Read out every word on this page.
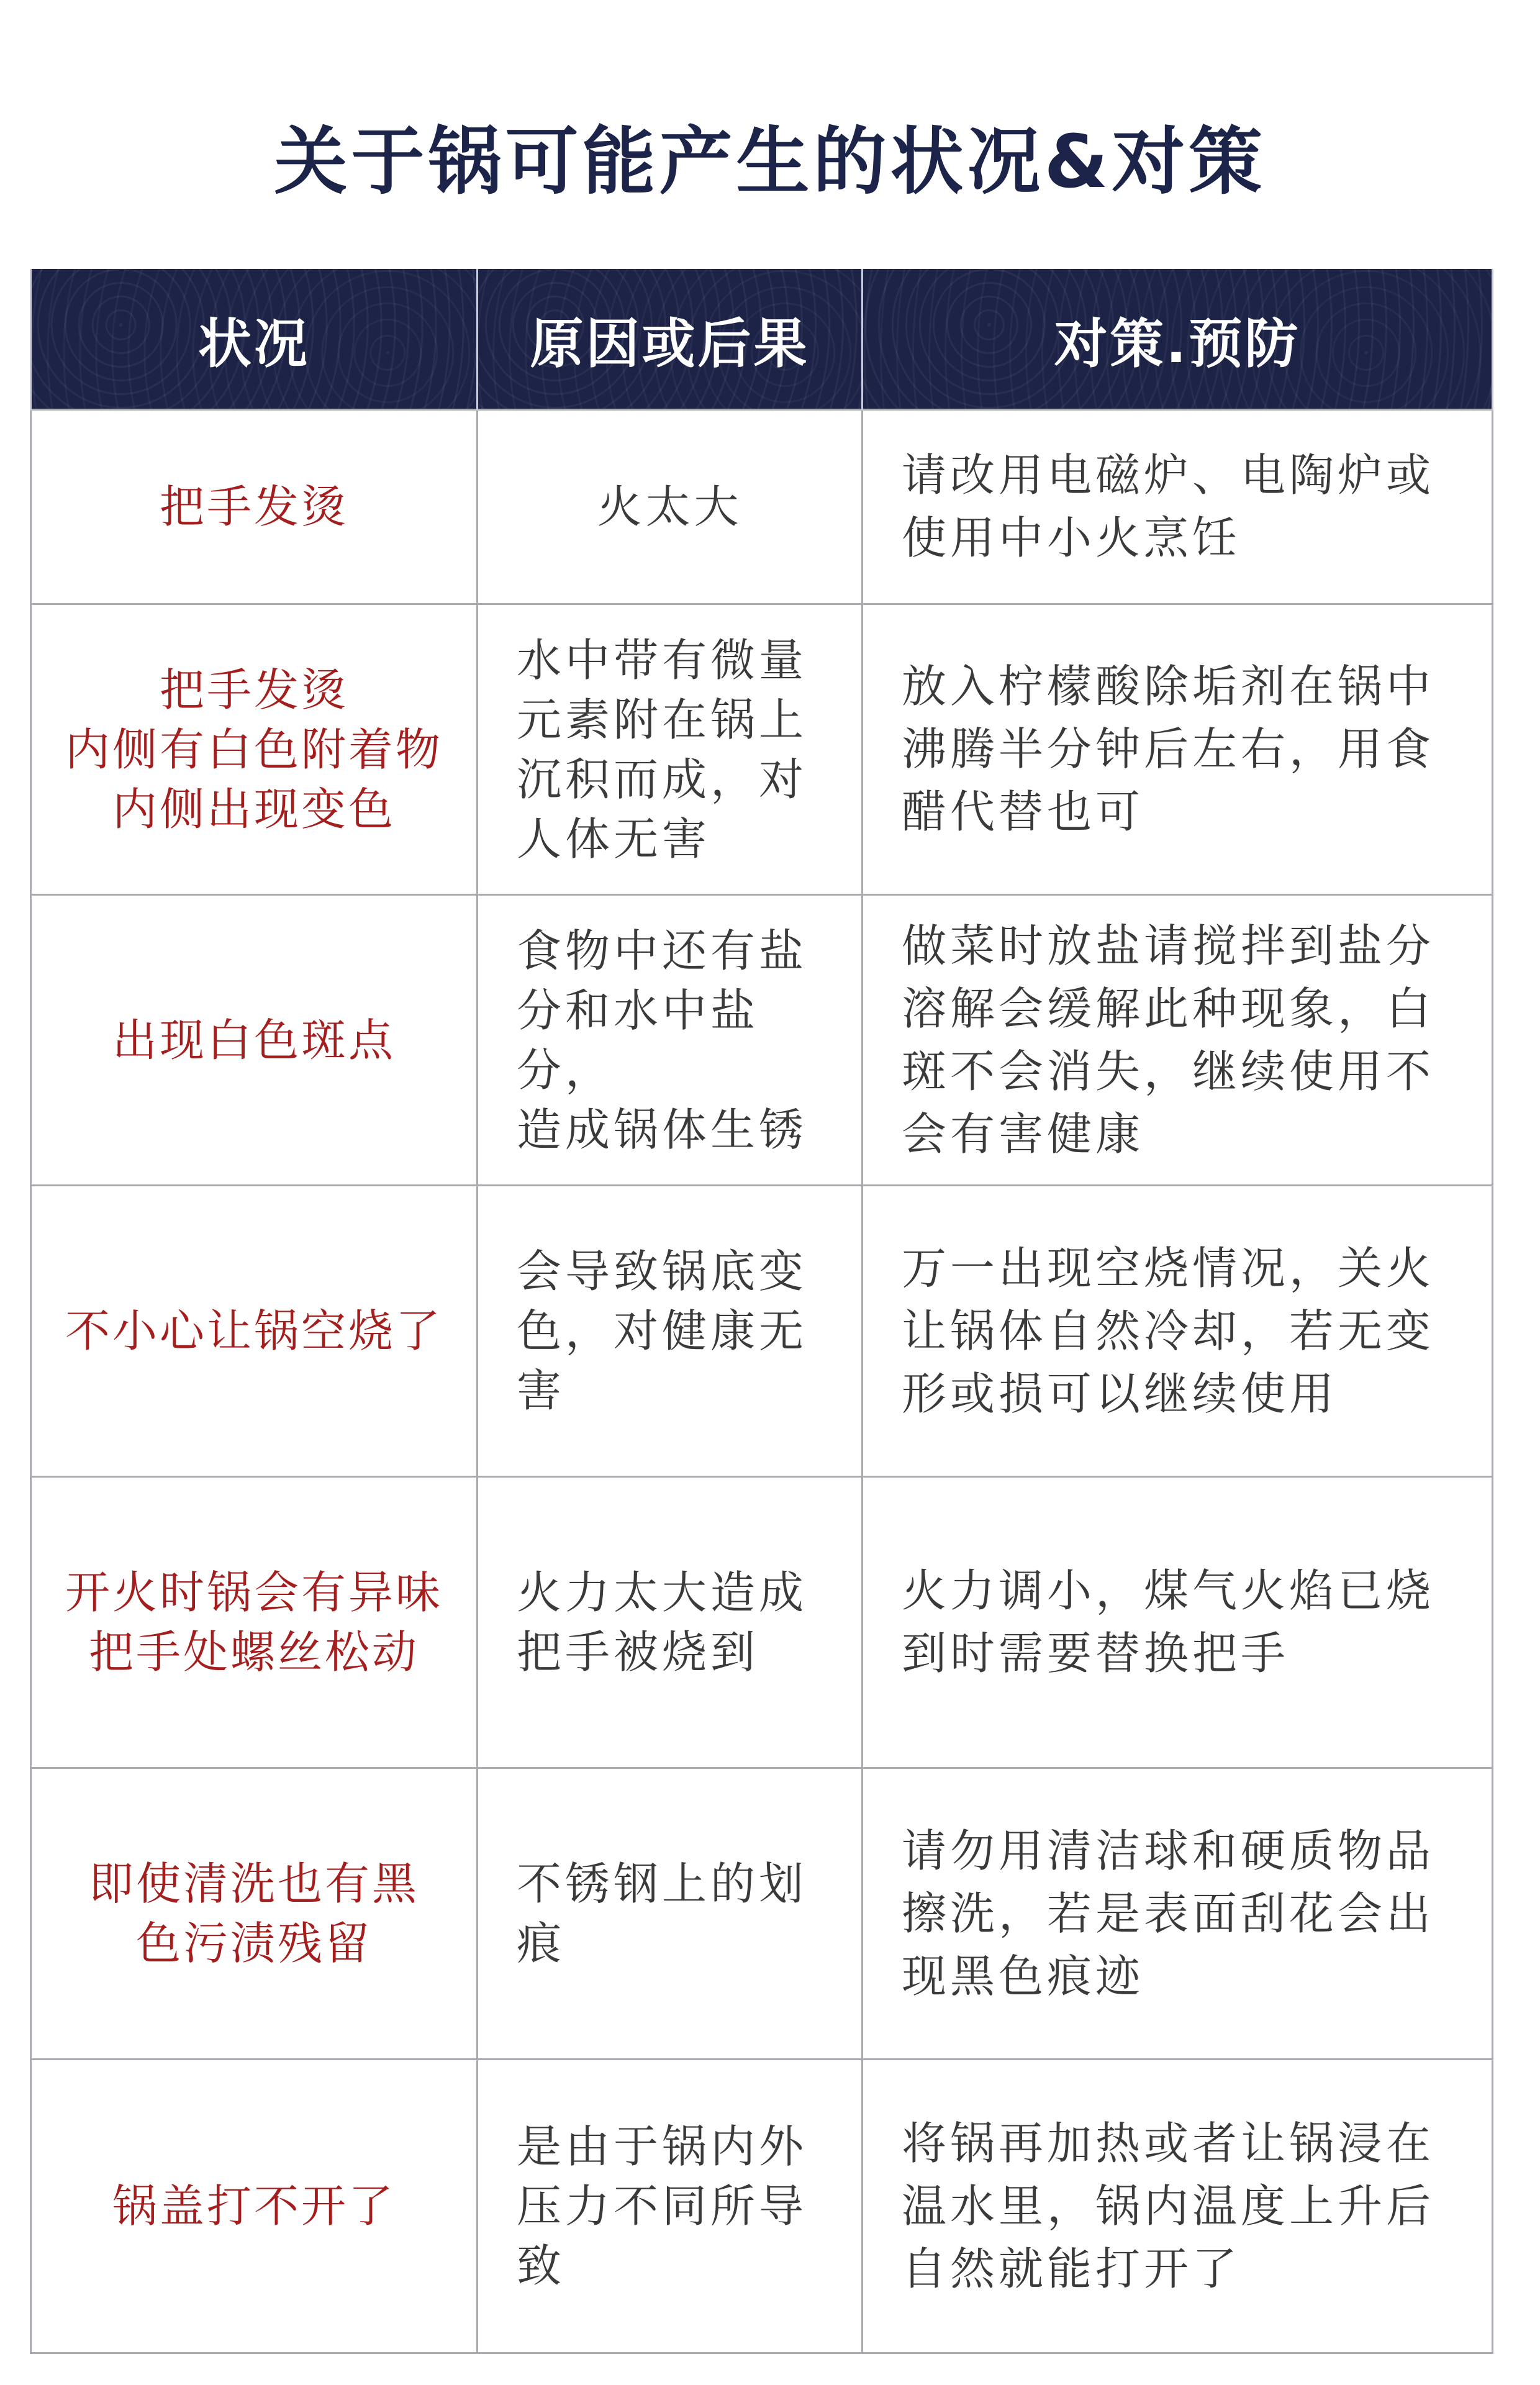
关于锅可能产生的状况&对策
状况	原因或后果	对策.预防

把手发烫	火太大	请改用电磁炉、电陶炉或
使用中小火烹饪

把手发烫
内侧有白色附着物
内侧出现变色	水中带有微量
元素附在锅上
沉积而成，对
人体无害	放入柠檬酸除垢剂在锅中
沸腾半分钟后左右，用食
醋代替也可

出现白色斑点	食物中还有盐
分和水中盐分，
造成锅体生锈	做菜时放盐请搅拌到盐分
溶解会缓解此种现象，白
斑不会消失，继续使用不
会有害健康

不小心让锅空烧了	会导致锅底变
色，对健康无
害	万一出现空烧情况，关火
让锅体自然冷却，若无变
形或损可以继续使用

开火时锅会有异味
把手处螺丝松动	火力太大造成
把手被烧到	火力调小，煤气火焰已烧
到时需要替换把手

即使清洗也有黑
色污渍残留	不锈钢上的划
痕	请勿用清洁球和硬质物品
擦洗，若是表面刮花会出
现黑色痕迹

锅盖打不开了	是由于锅内外
压力不同所导
致	将锅再加热或者让锅浸在
温水里，锅内温度上升后
自然就能打开了
